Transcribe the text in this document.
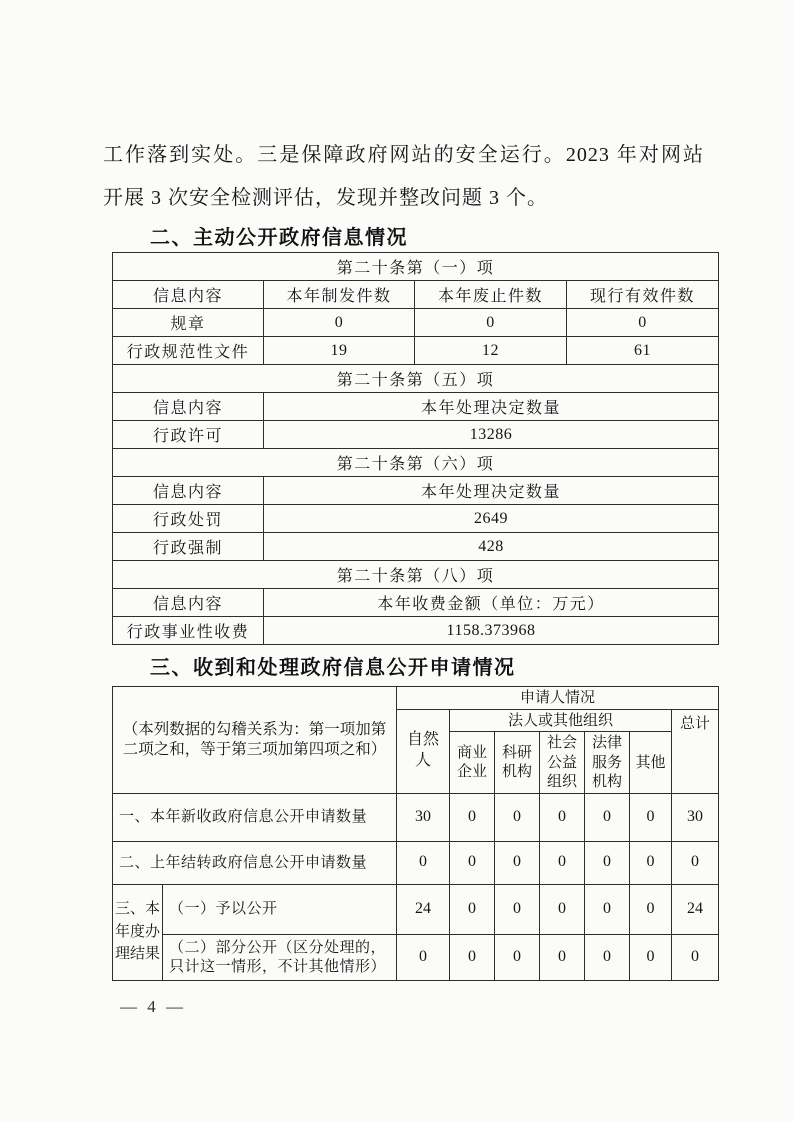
工作落到实处。三是保障政府网站的安全运行。2023 年对网站
开展 3 次安全检测评估，发现并整改问题 3 个。
二、主动公开政府信息情况
第二十条第（一）项			
信息内容	本年制发件数	本年废止件数	现行有效件数
规章	0	0	0
行政规范性文件	19	12	61
第二十条第（五）项			
信息内容	本年处理决定数量		
行政许可	13286		
第二十条第（六）项			
信息内容	本年处理决定数量		
行政处罚	2649		
行政强制	428		
第二十条第（八）项			
信息内容	本年收费金额（单位：万元）		
行政事业性收费	1158.373968		
三、收到和处理政府信息公开申请情况
（本列数据的勾稽关系为：第一项加第二项之和，等于第三项加第四项之和）		申请人情况						
		自然人	法人或其他组织					总计
			商业企业	科研机构	社会公益组织	法律服务机构	其他	
一、本年新收政府信息公开申请数量		30	0	0	0	0	0	30
二、上年结转政府信息公开申请数量		0	0	0	0	0	0	0
三、本年度办理结果	（一）予以公开	24	0	0	0	0	0	24
	（二）部分公开（区分处理的，只计这一情形，不计其他情形）	0	0	0	0	0	0	0
— 4 —
